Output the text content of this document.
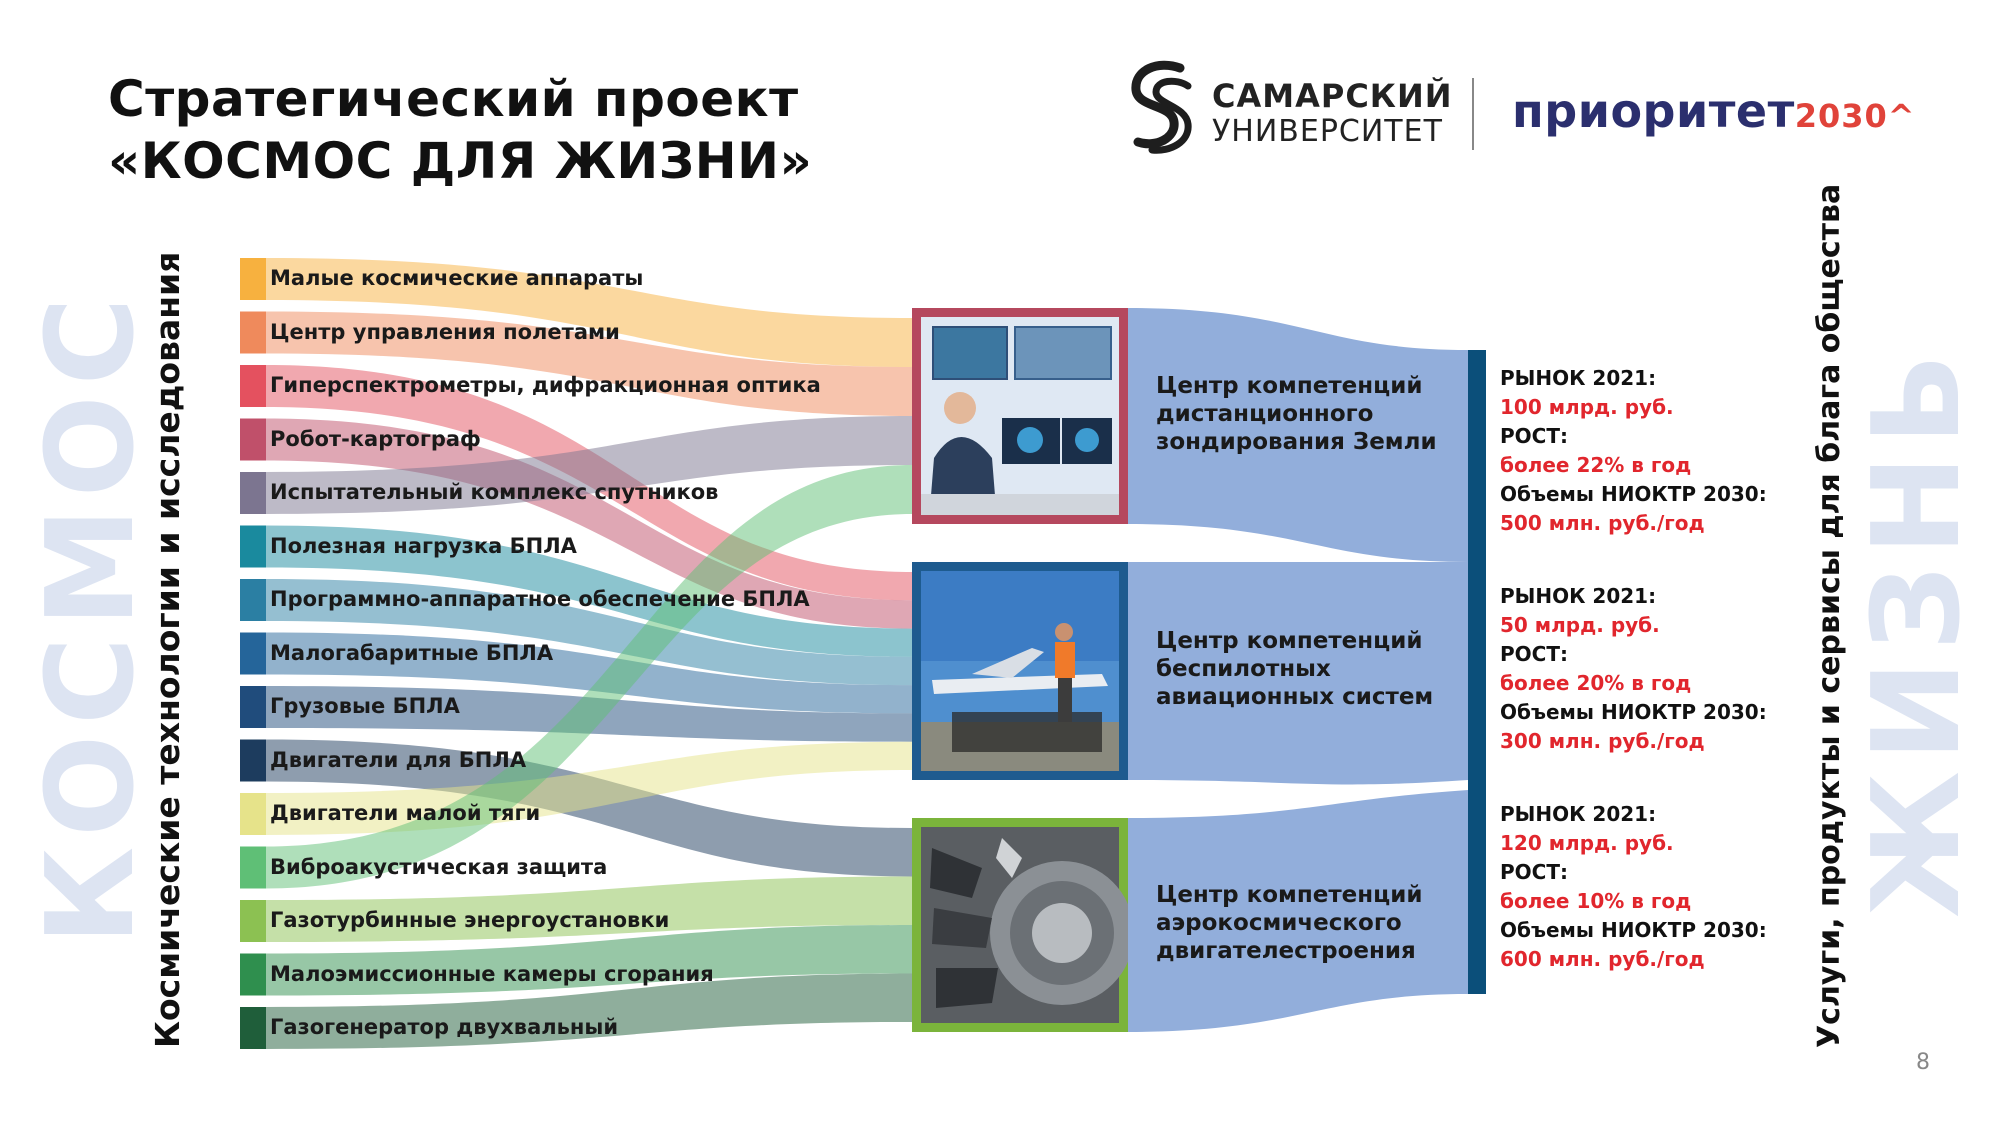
Стратегический проект
«КОСМОС ДЛЯ ЖИЗНИ»
САМАРСКИЙ
УНИВЕРСИТЕТ приоритет2030^
КОСМОС
Космические технологии и исследования	ЖИЗНЬ
Услуги, продукты и сервисы для блага общества
Малые космические аппараты
Центр управления полетами
Гиперспектрометры, дифракционная оптика
Робот-картограф
Испытательный комплекс спутников
Полезная нагрузка БПЛА
Программно-аппаратное обеспечение БПЛА
Малогабаритные БПЛА
Грузовые БПЛА
Двигатели для БПЛА
Двигатели малой тяги
Виброакустическая защита
Газотурбинные энергоустановки
Малоэмиссионные камеры сгорания
Газогенератор двухвальный
Центр компетенций дистанционного зондирования Земли
Центр компетенций беспилотных авиационных систем
Центр компетенций аэрокосмического двигателестроения
РЫНОК 2021:
100 млрд. руб.
РОСТ:
более 22% в год
Объемы НИОКТР 2030:
500 млн. руб./год
РЫНОК 2021:
50 млрд. руб.
РОСТ:
более 20% в год
Объемы НИОКТР 2030:
300 млн. руб./год
РЫНОК 2021:
120 млрд. руб.
РОСТ:
более 10% в год
Объемы НИОКТР 2030:
600 млн. руб./год
8
